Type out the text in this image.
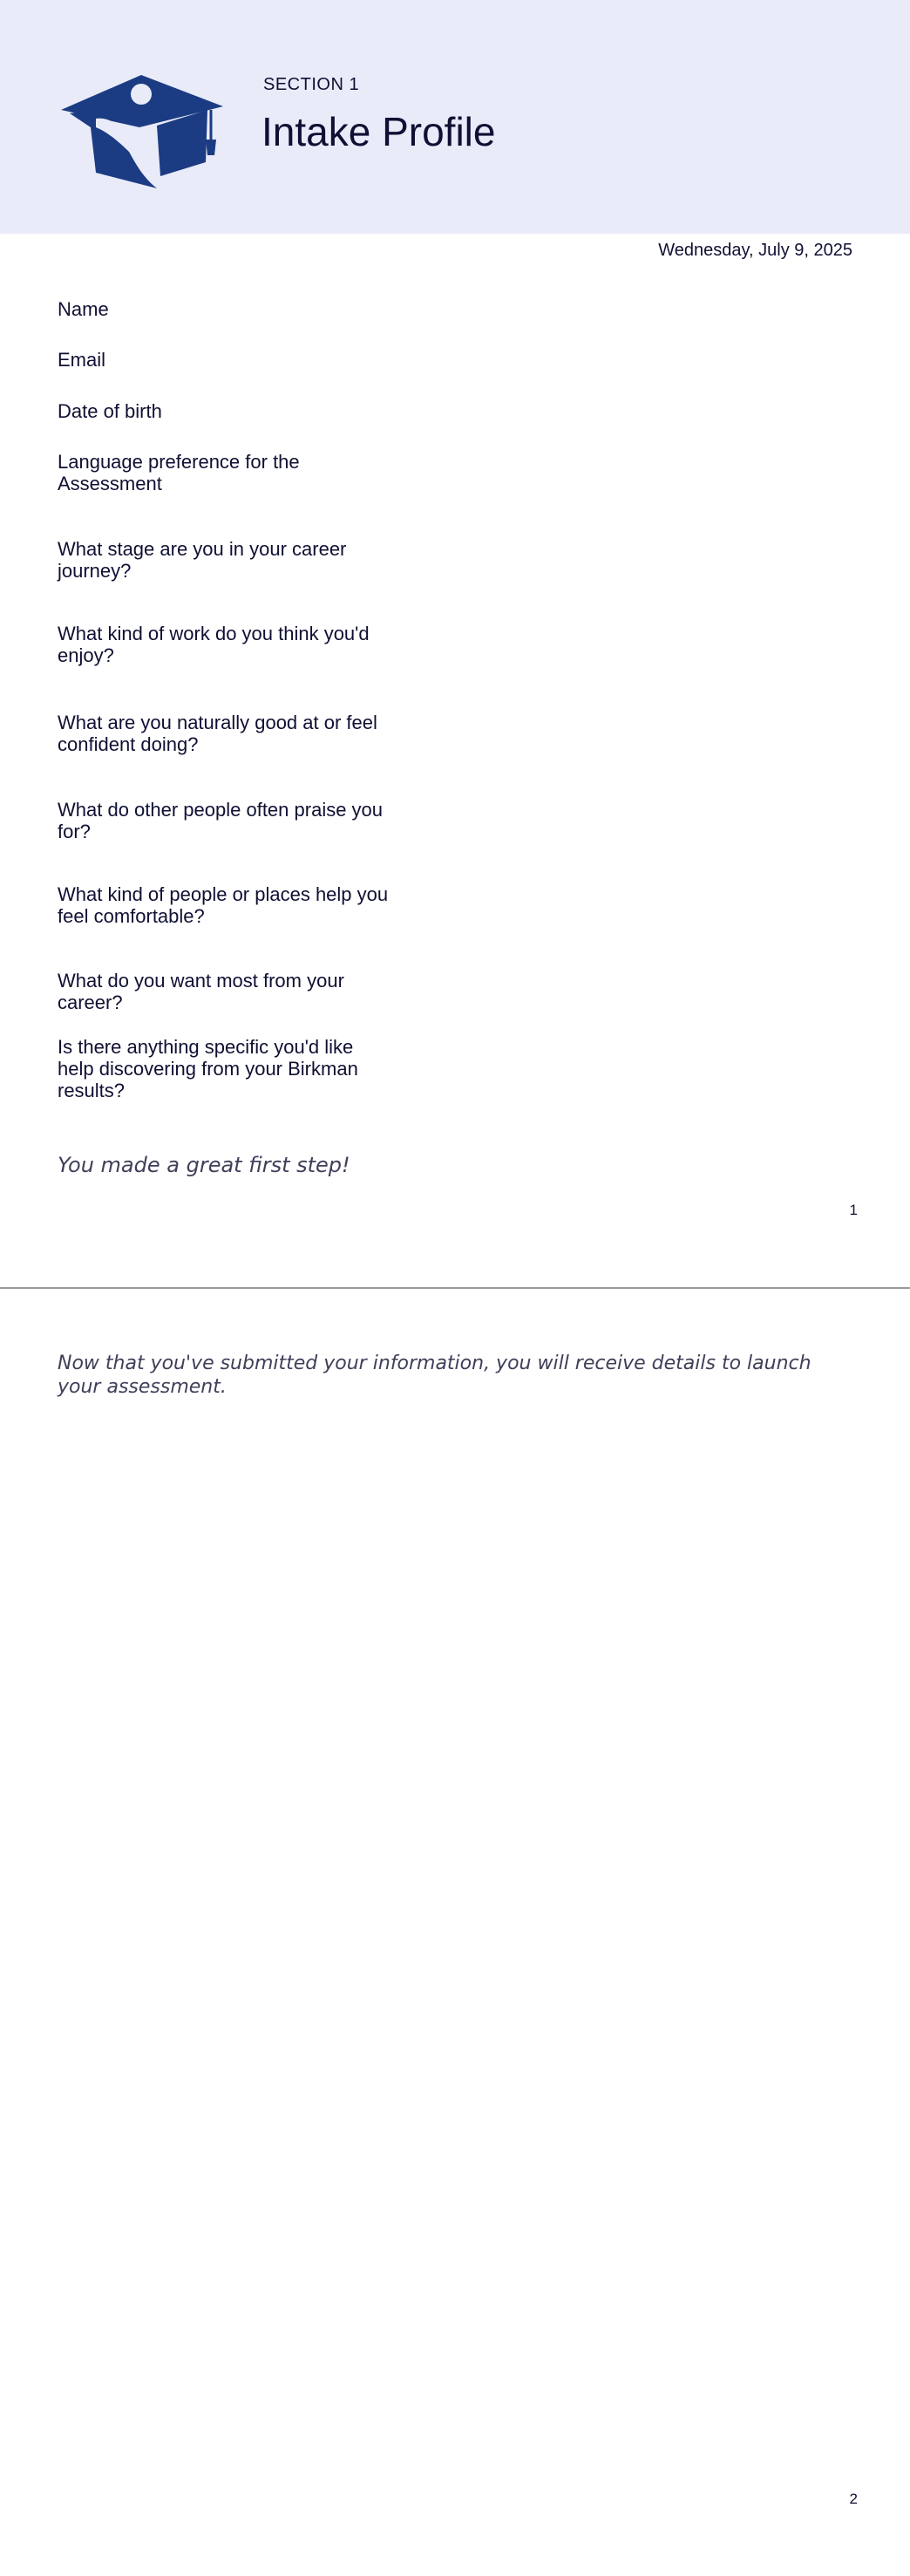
SECTION 1
Intake Profile
Wednesday, July 9, 2025
Name
Email
Date of birth
Language preference for the Assessment
What stage are you in your career journey?
What kind of work do you think you'd enjoy?
What are you naturally good at or feel confident doing?
What do other people often praise you for?
What kind of people or places help you feel comfortable?
What do you want most from your career?
Is there anything specific you'd like help discovering from your Birkman results?
You made a great first step!
1
Now that you've submitted your information, you will receive details to launch your assessment.
2
